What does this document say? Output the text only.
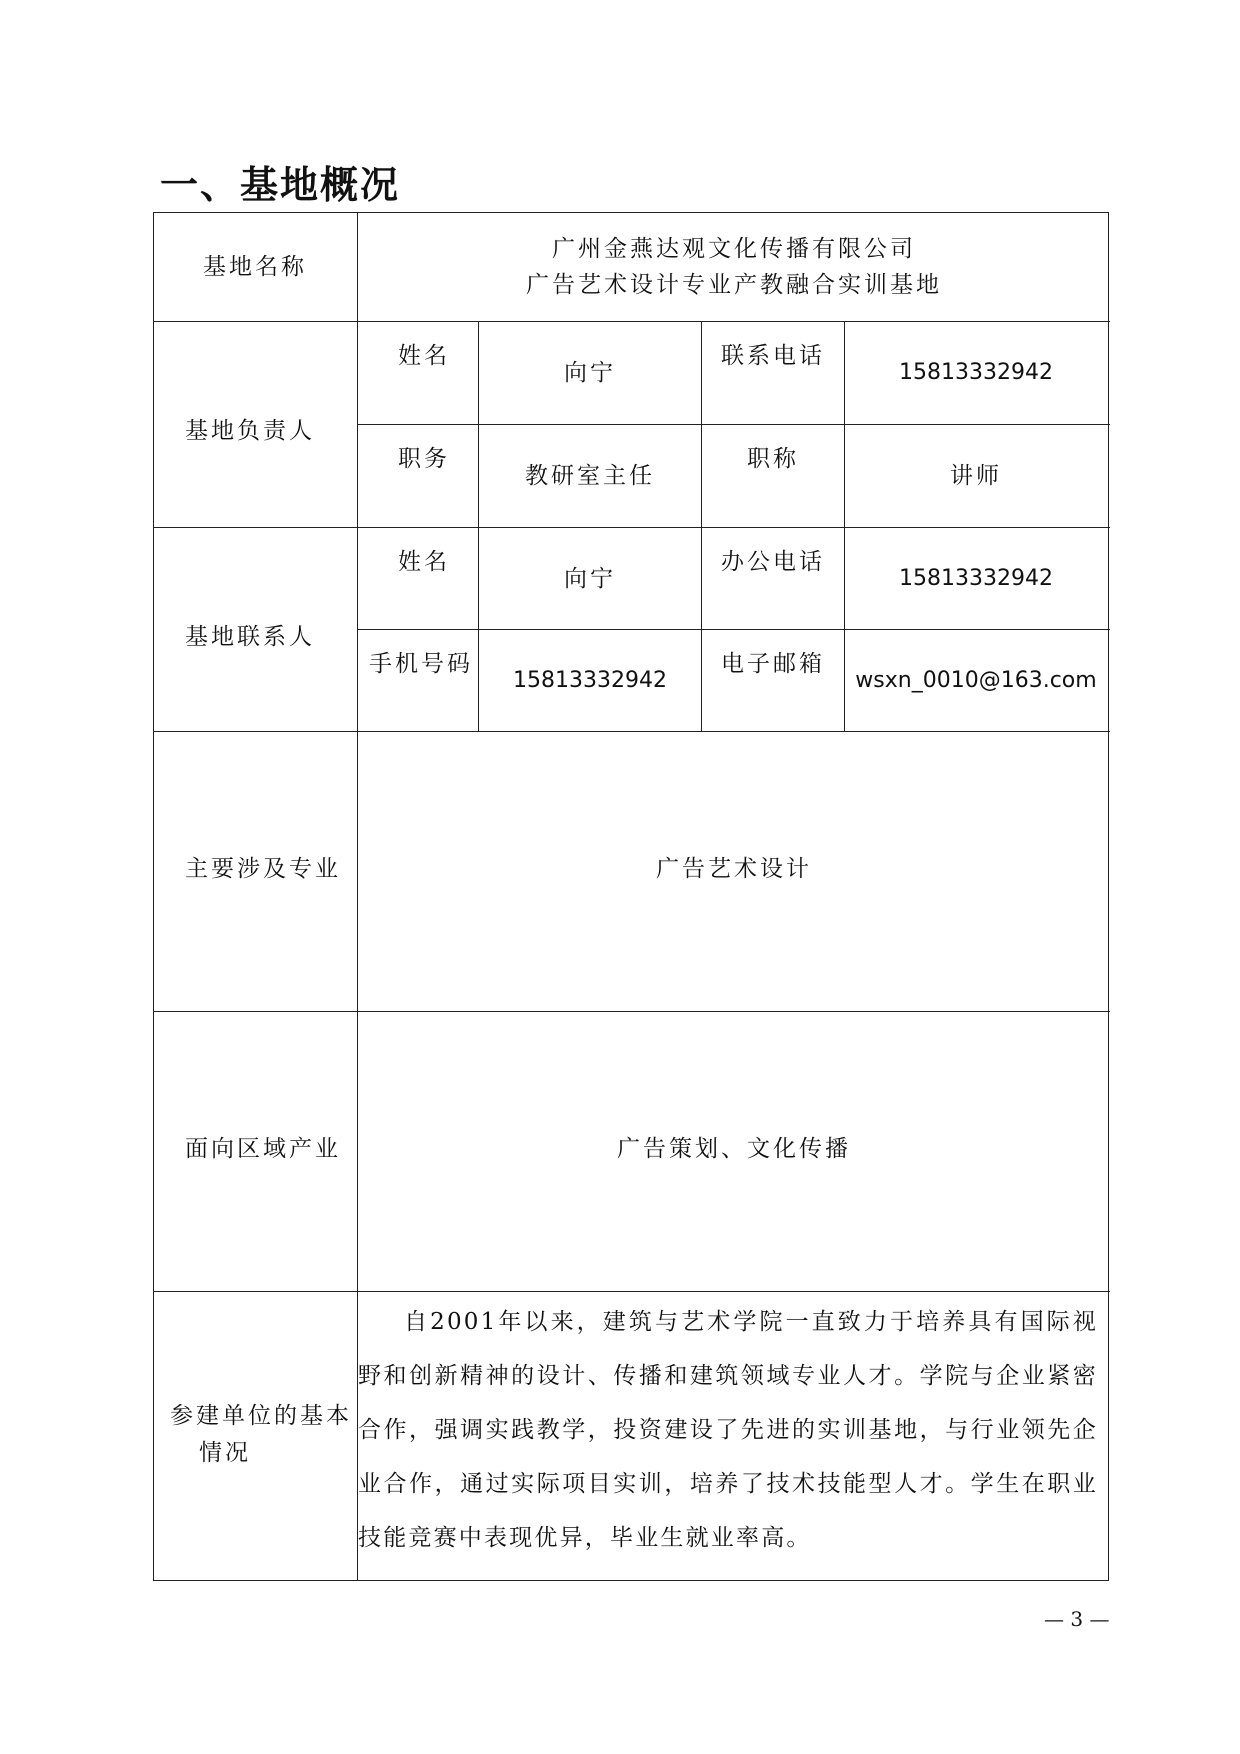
一、基地概况
基地名称
广州金燕达观文化传播有限公司
广告艺术设计专业产教融合实训基地
基地负责人
姓名
向宁
联系电话
15813332942
职务
教研室主任
职称
讲师
基地联系人
姓名
向宁
办公电话
15813332942
手机号码
15813332942
电子邮箱
wsxn_0010@163.com
主要涉及专业	广告艺术设计
面向区域产业	广告策划、文化传播
参建单位的基本
情况
自2001年以来，建筑与艺术学院一直致力于培养具有国际视野和创新精神的设计、传播和建筑领域专业人才。学院与企业紧密合作，强调实践教学，投资建设了先进的实训基地，与行业领先企业合作，通过实际项目实训，培养了技术技能型人才。学生在职业技能竞赛中表现优异，毕业生就业率高。
— 3 —
